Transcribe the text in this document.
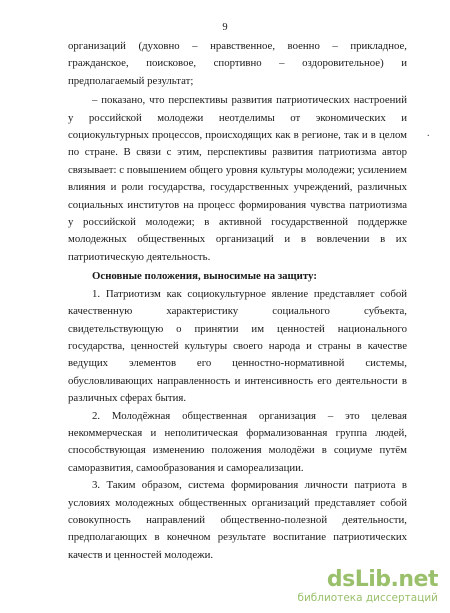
9
.

организаций (духовно – нравственное, военно – прикладное, гражданское, поисковое, спортивно – оздоровительное) и предполагаемый результат;

– показано, что перспективы развития патриотических настроений у российской молодежи неотделимы от экономических и социокультурных процессов, происходящих как в регионе, так и в целом по стране. В связи с этим, перспективы развития патриотизма автор связывает: с повышением общего уровня культуры молодежи; усилением влияния и роли государства, государственных учреждений, различных социальных институтов на процесс формирования чувства патриотизма у российской молодежи; в активной государственной поддержке молодежных общественных организаций и в вовлечении в их патриотическую деятельность.

Основные положения, выносимые на защиту:

1. Патриотизм как социокультурное явление представляет собой качественную характеристику социального субъекта, свидетельствующую о принятии им ценностей национального государства, ценностей культуры своего народа и страны в качестве ведущих элементов его ценностно-нормативной системы, обусловливающих направленность и интенсивность его деятельности в различных сферах бытия.

2. Молодёжная общественная организация – это целевая некоммерческая и неполитическая формализованная группа людей, способствующая изменению положения молодёжи в социуме путём саморазвития, самообразования и самореализации.

3. Таким образом, система формирования личности патриота в условиях молодежных общественных организаций представляет собой совокупность направлений общественно-полезной деятельности, предполагающих в конечном результате воспитание патриотических качеств и ценностей молодежи.

dsLib.net
библиотека диссертаций
